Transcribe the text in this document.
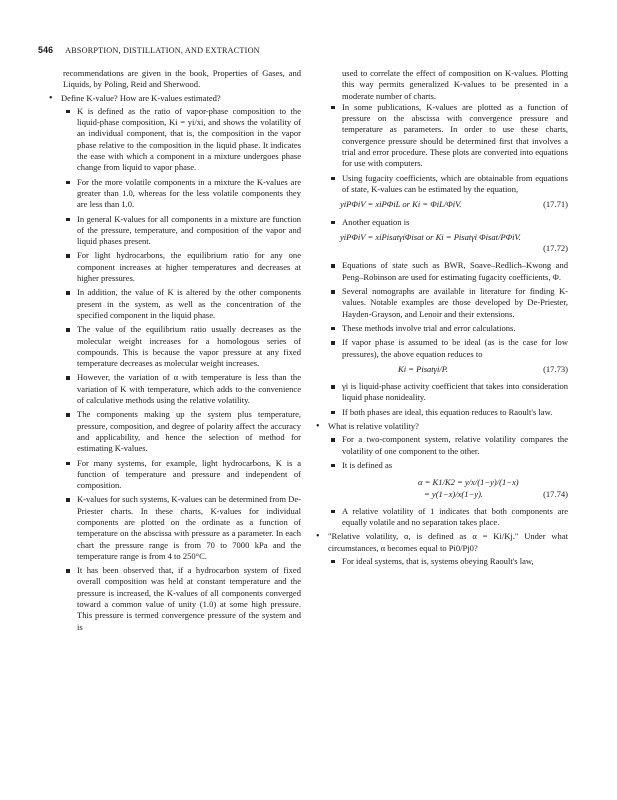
546 ABSORPTION, DISTILLATION, AND EXTRACTION

recommendations are given in the book, Properties of Gases, and Liquids, by Poling, Reid and Sherwood.

• Define K-value? How are K-values estimated?

K is defined as the ratio of vapor-phase composition to the liquid-phase composition, Ki = yi/xi, and shows the volatility of an individual component, that is, the composition in the vapor phase relative to the composition in the liquid phase. It indicates the ease with which a component in a mixture undergoes phase change from liquid to vapor phase.

For the more volatile components in a mixture the K-values are greater than 1.0, whereas for the less volatile components they are less than 1.0.

In general K-values for all components in a mixture are function of the pressure, temperature, and composition of the vapor and liquid phases present.

For light hydrocarbons, the equilibrium ratio for any one component increases at higher temperatures and decreases at higher pressures.

In addition, the value of K is altered by the other components present in the system, as well as the concentration of the specified component in the liquid phase.

The value of the equilibrium ratio usually decreases as the molecular weight increases for a homologous series of compounds. This is because the vapor pressure at any fixed temperature decreases as molecular weight increases.

However, the variation of α with temperature is less than the variation of K with temperature, which adds to the convenience of calculative methods using the relative volatility.

The components making up the system plus temperature, pressure, composition, and degree of polarity affect the accuracy and applicability, and hence the selection of method for estimating K-values.

For many systems, for example, light hydrocarbons, K is a function of temperature and pressure and independent of composition.

K-values for such systems, K-values can be determined from De-Priester charts. In these charts, K-values for individual components are plotted on the ordinate as a function of temperature on the abscissa with pressure as a parameter. In each chart the pressure range is from 70 to 7000 kPa and the temperature range is from 4 to 250°C.

It has been observed that, if a hydrocarbon system of fixed overall composition was held at constant temperature and the pressure is increased, the K-values of all components converged toward a common value of unity (1.0) at some high pressure. This pressure is termed convergence pressure of the system and is

used to correlate the effect of composition on K-values. Plotting this way permits generalized K-values to be presented in a moderate number of charts.

In some publications, K-values are plotted as a function of pressure on the abscissa with convergence pressure and temperature as parameters. In order to use these charts, convergence pressure should be determined first that involves a trial and error procedure. These plots are converted into equations for use with computers.

Using fugacity coefficients, which are obtainable from equations of state, K-values can be estimated by the equation,

yiPΦiV = xiPΦiL or Ki = ΦiL/ΦiV.	(17.71)

Another equation is

yiPΦiV = xiPisatγiΦisat or Ki = Pisatγi Φisat/PΦiV.
(17.72)

Equations of state such as BWR, Soave–Redlich–Kwong and Peng–Robinson are used for estimating fugacity coefficients, Φ.

Several nomographs are available in literature for finding K-values. Notable examples are those developed by De-Priester, Hayden-Grayson, and Lenoir and their extensions.

These methods involve trial and error calculations.

If vapor phase is assumed to be ideal (as is the case for low pressures), the above equation reduces to

Ki = Pisatγi/P.	(17.73)

γi is liquid-phase activity coefficient that takes into consideration liquid phase nonideality.

If both phases are ideal, this equation reduces to Raoult's law.

• What is relative volatility?

For a two-component system, relative volatility compares the volatility of one component to the other.

It is defined as

α = K1/K2 = y/x/(1−y)/(1−x)
= y(1−x)/x(1−y).	(17.74)

A relative volatility of 1 indicates that both components are equally volatile and no separation takes place.

• "Relative volatility, α, is defined as α = Ki/Kj." Under what circumstances, α becomes equal to Pi0/Pj0?

For ideal systems, that is, systems obeying Raoult's law,
